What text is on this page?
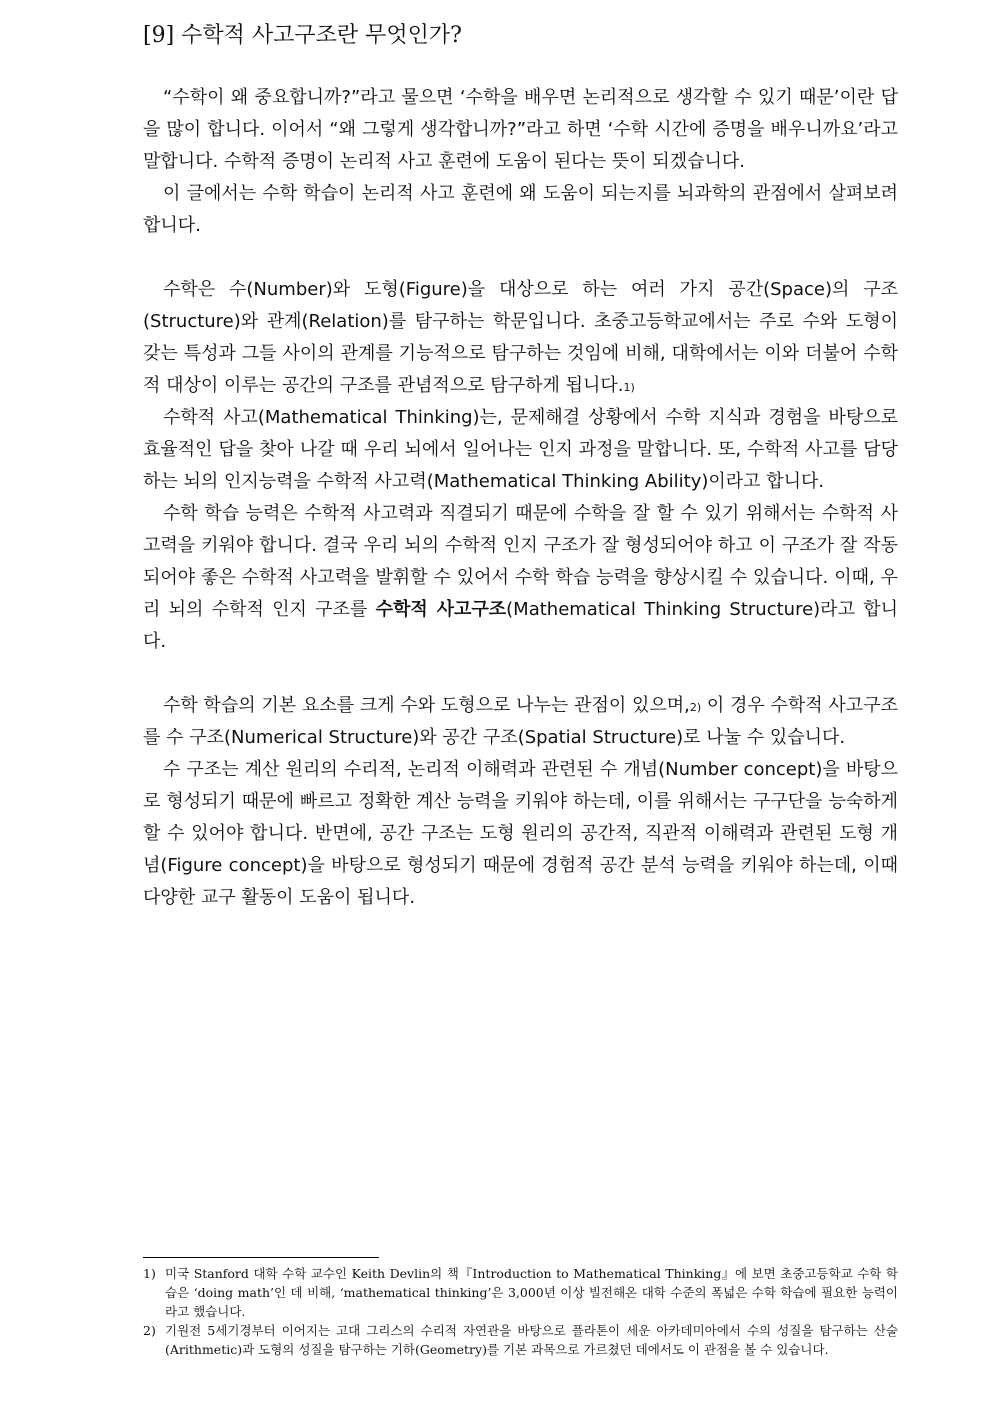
[9] 수학적 사고구조란 무엇인가?

“수학이 왜 중요합니까?”라고 물으면 ‘수학을 배우면 논리적으로 생각할 수 있기 때문’이란 답을 많이 합니다. 이어서 “왜 그렇게 생각합니까?”라고 하면 ‘수학 시간에 증명을 배우니까요’라고 말합니다. 수학적 증명이 논리적 사고 훈련에 도움이 된다는 뜻이 되겠습니다.

이 글에서는 수학 학습이 논리적 사고 훈련에 왜 도움이 되는지를 뇌과학의 관점에서 살펴보려 합니다.

수학은 수(Number)와 도형(Figure)을 대상으로 하는 여러 가지 공간(Space)의 구조(Structure)와 관계(Relation)를 탐구하는 학문입니다. 초중고등학교에서는 주로 수와 도형이 갖는 특성과 그들 사이의 관계를 기능적으로 탐구하는 것임에 비해, 대학에서는 이와 더불어 수학적 대상이 이루는 공간의 구조를 관념적으로 탐구하게 됩니다.$^{1)}$

수학적 사고(Mathematical Thinking)는, 문제해결 상황에서 수학 지식과 경험을 바탕으로 효율적인 답을 찾아 나갈 때 우리 뇌에서 일어나는 인지 과정을 말합니다. 또, 수학적 사고를 담당하는 뇌의 인지능력을 수학적 사고력(Mathematical Thinking Ability)이라고 합니다.

수학 학습 능력은 수학적 사고력과 직결되기 때문에 수학을 잘 할 수 있기 위해서는 수학적 사고력을 키워야 합니다. 결국 우리 뇌의 수학적 인지 구조가 잘 형성되어야 하고 이 구조가 잘 작동되어야 좋은 수학적 사고력을 발휘할 수 있어서 수학 학습 능력을 향상시킬 수 있습니다. 이때, 우리 뇌의 수학적 인지 구조를 수학적 사고구조(Mathematical Thinking Structure)라고 합니다.

수학 학습의 기본 요소를 크게 수와 도형으로 나누는 관점이 있으며,$^{2)}$ 이 경우 수학적 사고구조를 수 구조(Numerical Structure)와 공간 구조(Spatial Structure)로 나눌 수 있습니다.

수 구조는 계산 원리의 수리적, 논리적 이해력과 관련된 수 개념(Number concept)을 바탕으로 형성되기 때문에 빠르고 정확한 계산 능력을 키워야 하는데, 이를 위해서는 구구단을 능숙하게 할 수 있어야 합니다. 반면에, 공간 구조는 도형 원리의 공간적, 직관적 이해력과 관련된 도형 개념(Figure concept)을 바탕으로 형성되기 때문에 경험적 공간 분석 능력을 키워야 하는데, 이때 다양한 교구 활동이 도움이 됩니다.

1) 미국 Stanford 대학 수학 교수인 Keith Devlin의 책『Introduction to Mathematical Thinking』에 보면 초중고등학교 수학 학습은 ‘doing math’인 데 비해, ‘mathematical thinking’은 3,000년 이상 빌전해온 대학 수준의 폭넓은 수학 학습에 필요한 능력이라고 했습니다.
2) 기원전 5세기경부터 이어지는 고대 그리스의 수리적 자연관을 바탕으로 플라톤이 세운 아카데미아에서 수의 성질을 탐구하는 산술(Arithmetic)과 도형의 성질을 탐구하는 기하(Geometry)를 기본 과목으로 가르쳤던 데에서도 이 관점을 볼 수 있습니다.
